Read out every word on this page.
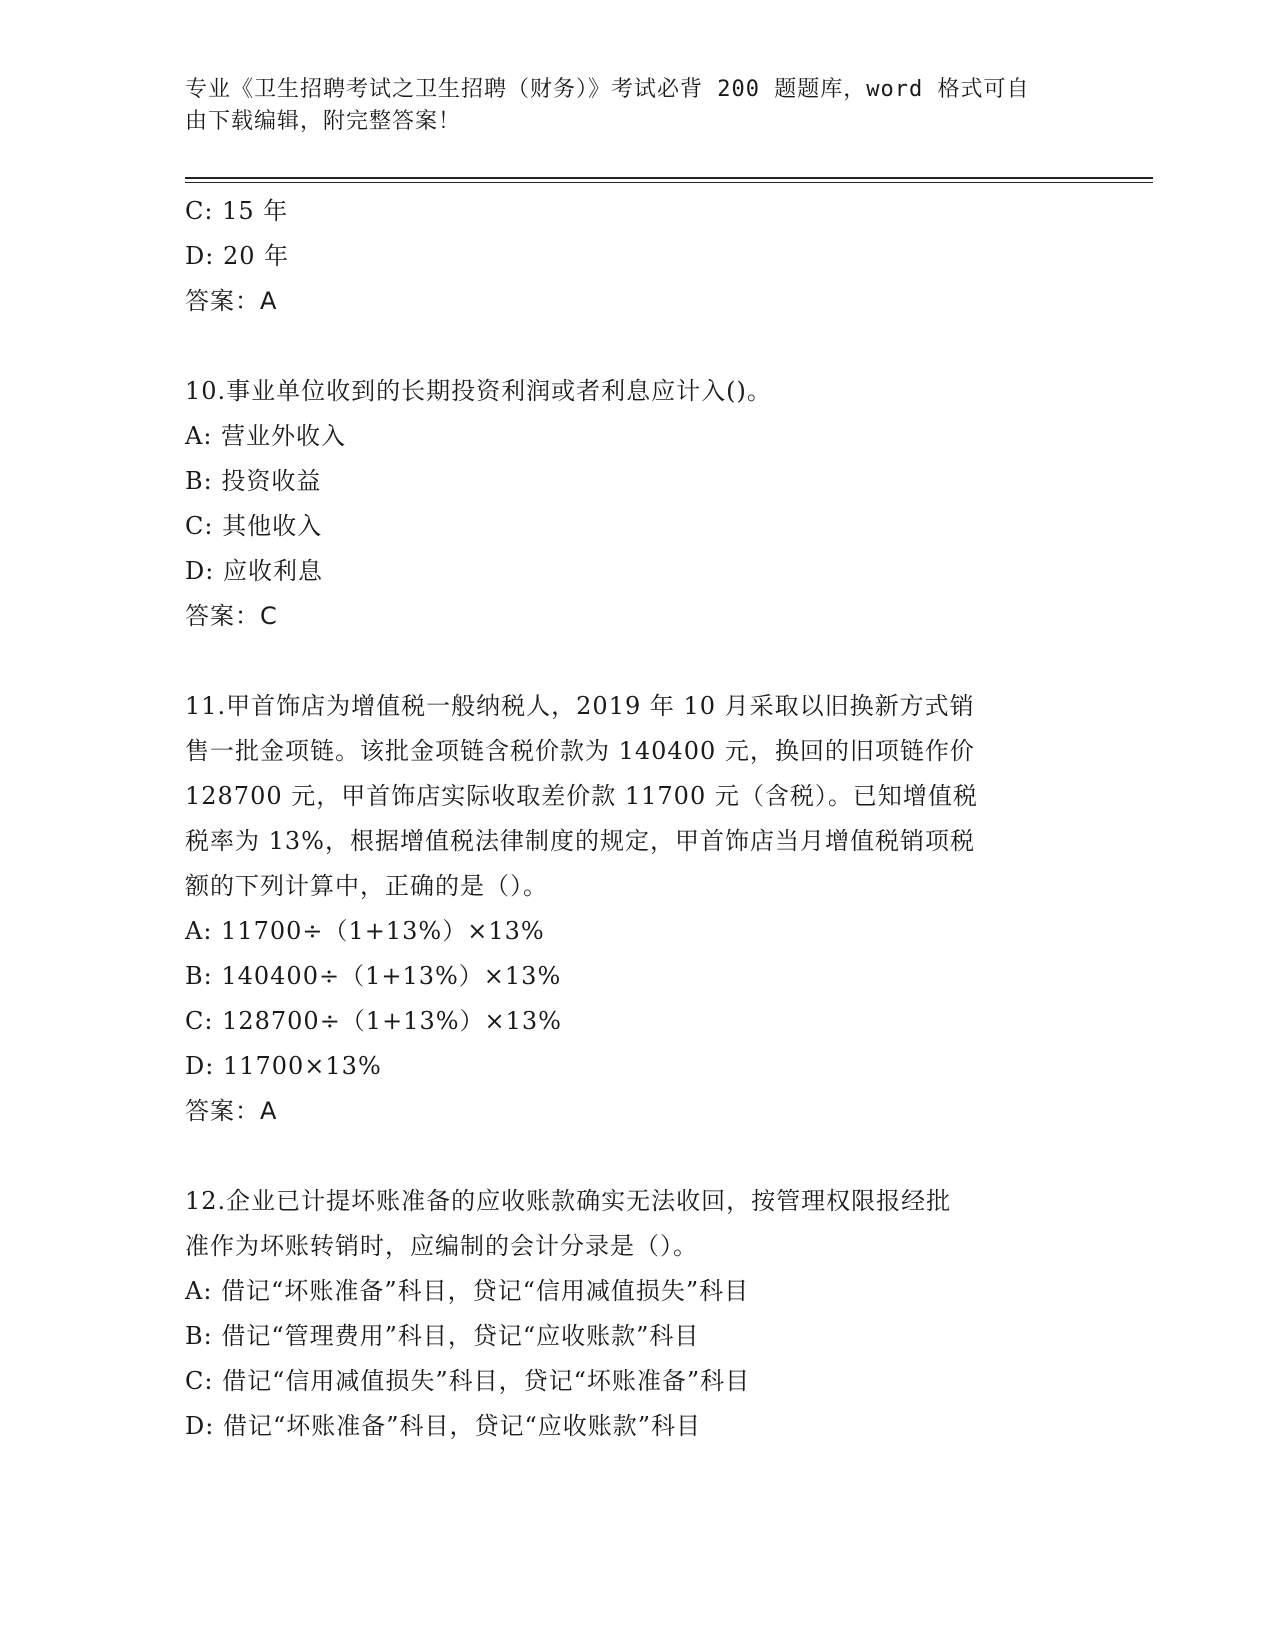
专业《卫生招聘考试之卫生招聘（财务）》考试必背 200 题题库，word 格式可自
由下载编辑，附完整答案！
C: 15 年
D: 20 年
答案：A
10.事业单位收到的长期投资利润或者利息应计入()。
A: 营业外收入
B: 投资收益
C: 其他收入
D: 应收利息
答案：C
11.甲首饰店为增值税一般纳税人，2019 年 10 月采取以旧换新方式销
售一批金项链。该批金项链含税价款为 140400 元，换回的旧项链作价
128700 元，甲首饰店实际收取差价款 11700 元（含税）。已知增值税
税率为 13%，根据增值税法律制度的规定，甲首饰店当月增值税销项税
额的下列计算中，正确的是（）。
A: 11700÷（1+13%）×13%
B: 140400÷（1+13%）×13%
C: 128700÷（1+13%）×13%
D: 11700×13%
答案：A
12.企业已计提坏账准备的应收账款确实无法收回，按管理权限报经批
准作为坏账转销时，应编制的会计分录是（）。
A: 借记“坏账准备”科目，贷记“信用减值损失”科目
B: 借记“管理费用”科目，贷记“应收账款”科目
C: 借记“信用减值损失”科目，贷记“坏账准备”科目
D: 借记“坏账准备”科目，贷记“应收账款”科目
